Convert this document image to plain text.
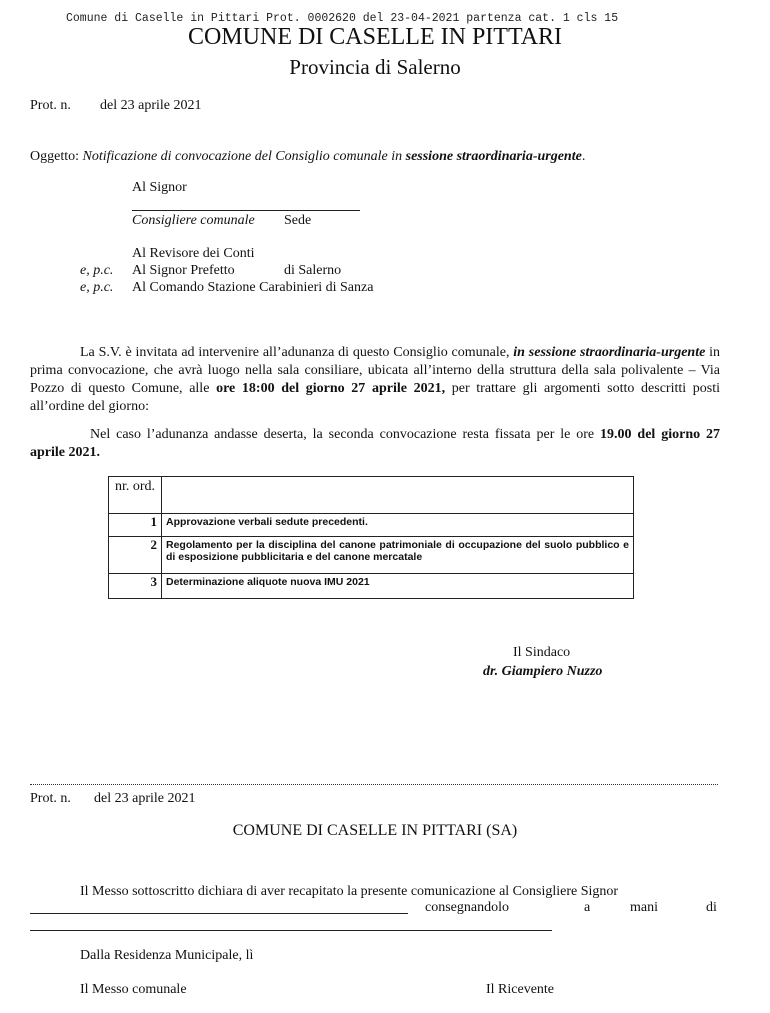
Comune di Caselle in Pittari Prot. 0002620 del 23-04-2021 partenza cat. 1 cls 15
COMUNE DI CASELLE IN PITTARI
Provincia di Salerno
Prot. n. del 23 aprile 2021
Oggetto: Notificazione di convocazione del Consiglio comunale in sessione straordinaria-urgente.
Al Signor
Consigliere comunale Sede
Al Revisore dei Conti
e, p.c. Al Signor Prefetto	di Salerno
e, p.c. Al Comando Stazione Carabinieri di Sanza
La S.V. è invitata ad intervenire all’adunanza di questo Consiglio comunale, in sessione straordinaria-urgente in prima convocazione, che avrà luogo nella sala consiliare, ubicata all’interno della struttura della sala polivalente – Via Pozzo di questo Comune, alle ore 18:00 del giorno 27 aprile 2021, per trattare gli argomenti sotto descritti posti all’ordine del giorno:
Nel caso l’adunanza andasse deserta, la seconda convocazione resta fissata per le ore 19.00 del giorno 27 aprile 2021.
nr. ord.	
1	Approvazione verbali sedute precedenti.
2	Regolamento per la disciplina del canone patrimoniale di occupazione del suolo pubblico e di esposizione pubblicitaria e del canone mercatale
3	Determinazione aliquote nuova IMU 2021
Il Sindaco
dr. Giampiero Nuzzo
Prot. n. del 23 aprile 2021
COMUNE DI CASELLE IN PITTARI (SA)
Il Messo sottoscritto dichiara di aver recapitato la presente comunicazione al Consigliere Signor
consegnandolo	a	mani	di
Dalla Residenza Municipale, lì
Il Messo comunale	Il Ricevente
